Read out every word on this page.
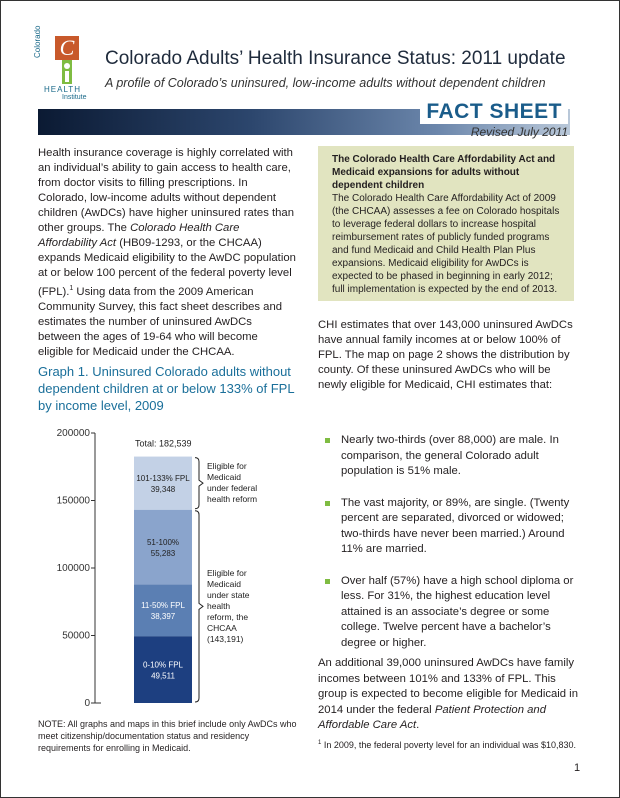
Colorado C
HEALTH
Institute
Colorado Adults’ Health Insurance Status: 2011 update
A profile of Colorado’s uninsured, low-income adults without dependent children
FACT SHEET
Revised July 2011
Health insurance coverage is highly correlated with an individual’s ability to gain access to health care, from doctor visits to filling prescriptions. In Colorado, low-income adults without dependent children (AwDCs) have higher uninsured rates than other groups. The Colorado Health Care Affordability Act (HB09-1293, or the CHCAA) expands Medicaid eligibility to the AwDC population at or below 100 percent of the federal poverty level (FPL).$^1$ Using data from the 2009 American Community Survey, this fact sheet describes and estimates the number of uninsured AwDCs between the ages of 19-64 who will become eligible for Medicaid under the CHCAA.
The Colorado Health Care Affordability Act and Medicaid expansions for adults without dependent children
The Colorado Health Care Affordability Act of 2009 (the CHCAA) assesses a fee on Colorado hospitals to leverage federal dollars to increase hospital reimbursement rates of publicly funded programs and fund Medicaid and Child Health Plan Plus expansions. Medicaid eligibility for AwDCs is expected to be phased in beginning in early 2012; full implementation is expected by the end of 2013.
CHI estimates that over 143,000 uninsured AwDCs have annual family incomes at or below 100% of FPL. The map on page 2 shows the distribution by county. Of these uninsured AwDCs who will be newly eligible for Medicaid, CHI estimates that:
Nearly two-thirds (over 88,000) are male. In comparison, the general Colorado adult population is 51% male.
The vast majority, or 89%, are single. (Twenty percent are separated, divorced or widowed; two-thirds have never been married.) Around 11% are married.
Over half (57%) have a high school diploma or less. For 31%, the highest education level attained is an associate’s degree or some college. Twelve percent have a bachelor’s degree or higher.
An additional 39,000 uninsured AwDCs have family incomes between 101% and 133% of FPL. This group is expected to become eligible for Medicaid in 2014 under the federal Patient Protection and Affordable Care Act.
$^1$ In 2009, the federal poverty level for an individual was $10,830.
1
Graph 1. Uninsured Colorado adults without dependent children at or below 133% of FPL by income level, 2009
200000
150000
100000
50000
0
0-10% FPL
49,511
11-50% FPL
38,397
51-100%
55,283
101-133% FPL
39,348
Total: 182,539
Eligible for
Medicaid
under federal
health reform
Eligible for
Medicaid
under state
health
reform, the
CHCAA
(143,191)
NOTE: All graphs and maps in this brief include only AwDCs who meet citizenship/documentation status and residency requirements for enrolling in Medicaid.
